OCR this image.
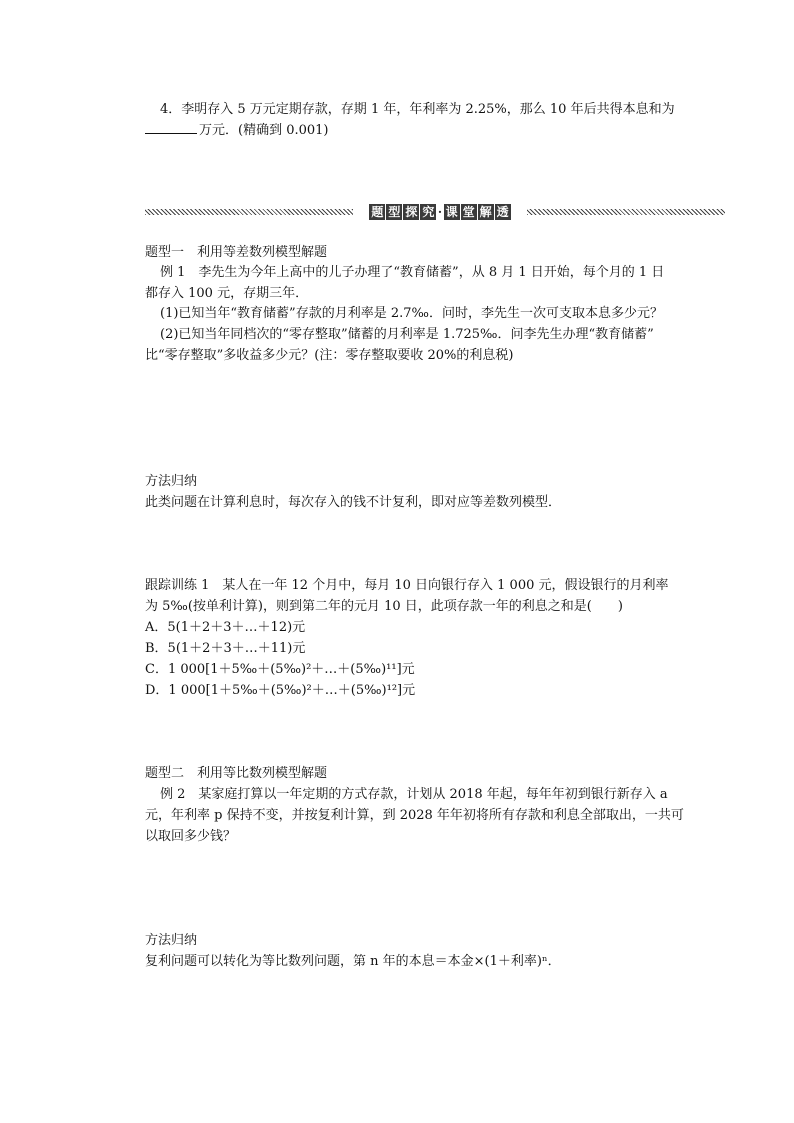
4．李明存入 5 万元定期存款，存期 1 年，年利率为 2.25%，那么 10 年后共得本息和为
万元．(精确到 0.001)
题 型 探 究 · 课 堂 解 透
题型一　利用等差数列模型解题
例 1　李先生为今年上高中的儿子办理了“教育储蓄”，从 8 月 1 日开始，每个月的 1 日
都存入 100 元，存期三年．
(1)已知当年“教育储蓄”存款的月利率是 2.7‰．问时，李先生一次可支取本息多少元？
(2)已知当年同档次的“零存整取”储蓄的月利率是 1.725‰．问李先生办理“教育储蓄”
比“零存整取”多收益多少元？(注：零存整取要收 20%的利息税)
方法归纳
此类问题在计算利息时，每次存入的钱不计复利，即对应等差数列模型．
跟踪训练 1　某人在一年 12 个月中，每月 10 日向银行存入 1 000 元，假设银行的月利率
为 5‰(按单利计算)，则到第二年的元月 10 日，此项存款一年的利息之和是(　　)
A．5(1＋2＋3＋…＋12)元
B．5(1＋2＋3＋…＋11)元
C．1 000[1＋5‰＋(5‰)²＋…＋(5‰)¹¹]元
D．1 000[1＋5‰＋(5‰)²＋…＋(5‰)¹²]元
题型二　利用等比数列模型解题
例 2　某家庭打算以一年定期的方式存款，计划从 2018 年起，每年年初到银行新存入 a
元，年利率 p 保持不变，并按复利计算，到 2028 年年初将所有存款和利息全部取出，一共可
以取回多少钱？
方法归纳
复利问题可以转化为等比数列问题，第 n 年的本息＝本金×(1＋利率)ⁿ．
